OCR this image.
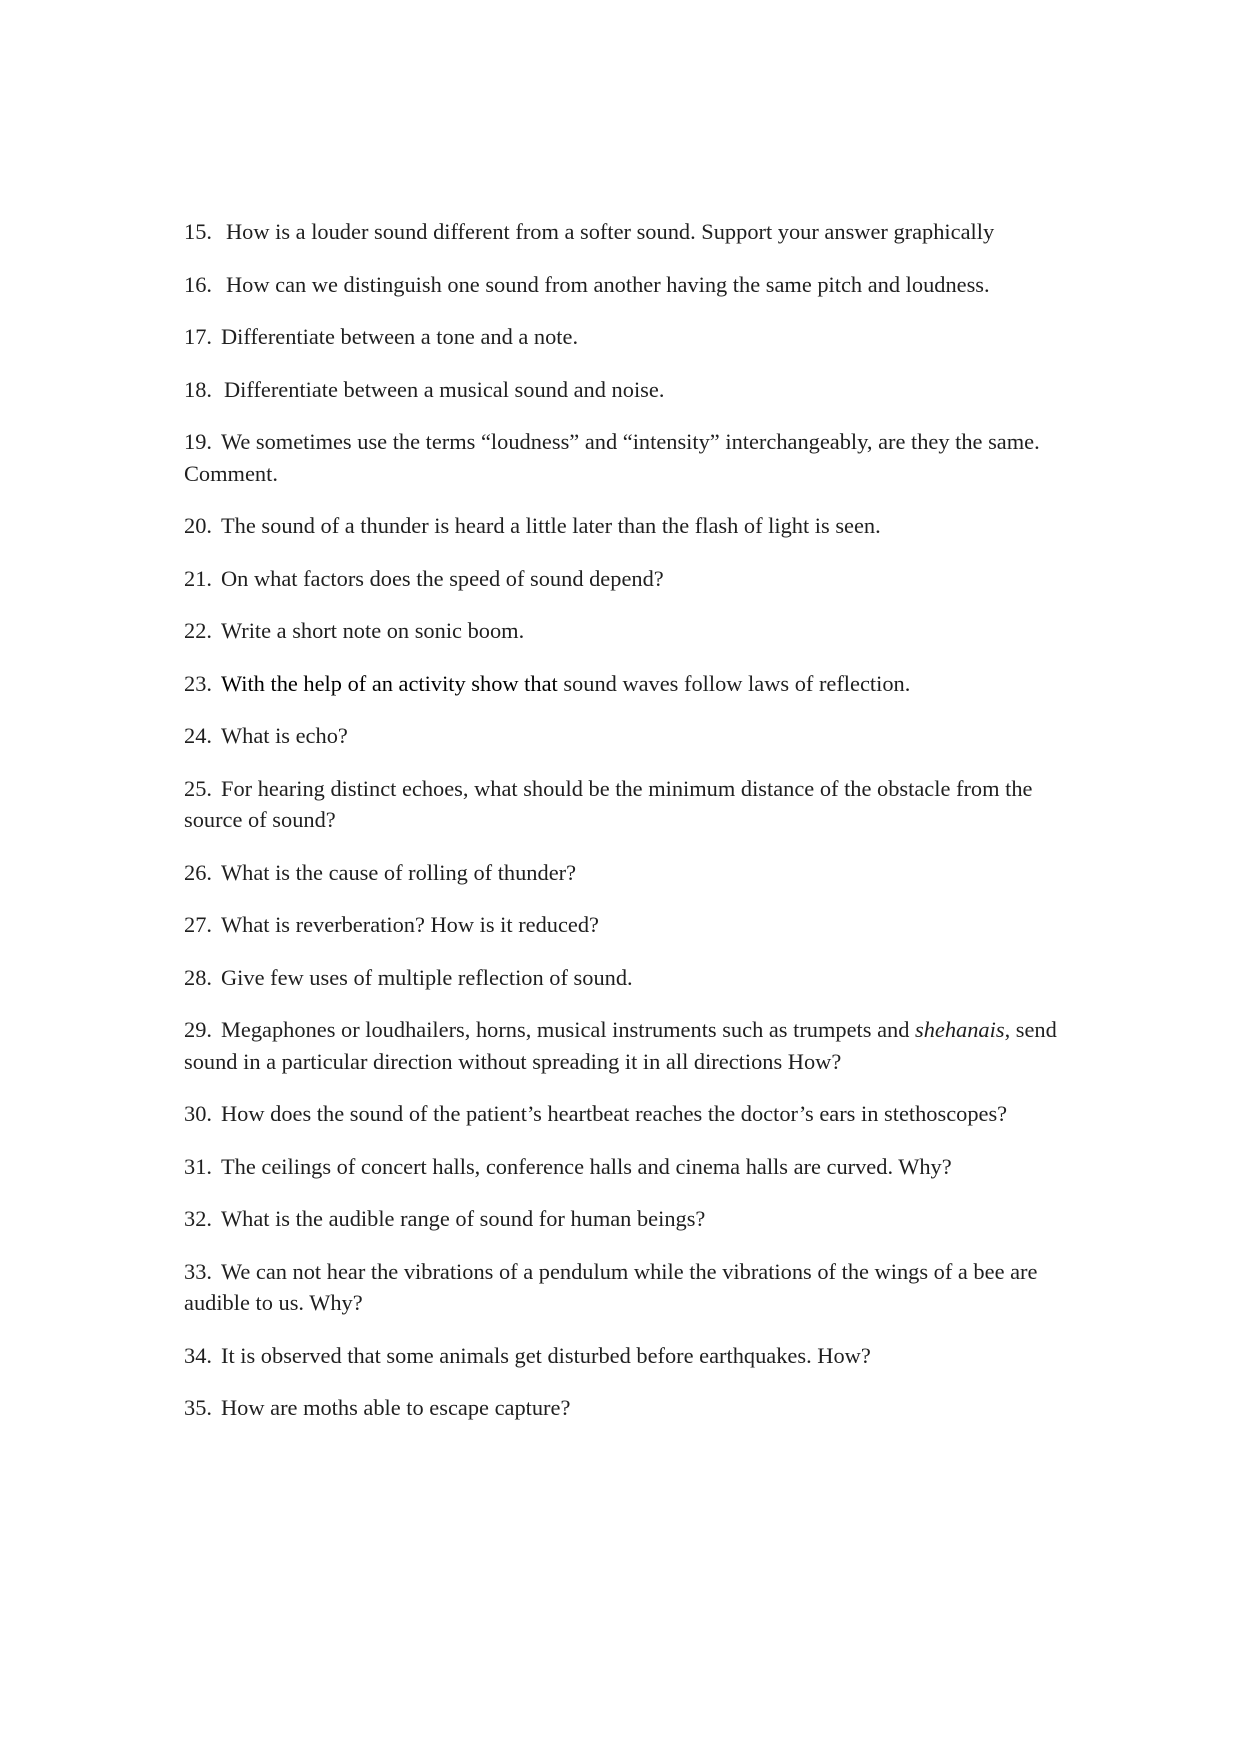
15. How is a louder sound different from a softer sound. Support your answer graphically

16. How can we distinguish one sound from another having the same pitch and loudness.

17. Differentiate between a tone and a note.

18. Differentiate between a musical sound and noise.

19. We sometimes use the terms “loudness” and “intensity” interchangeably, are they the same. Comment.

20. The sound of a thunder is heard a little later than the flash of light is seen.

21. On what factors does the speed of sound depend?

22. Write a short note on sonic boom.

23. With the help of an activity show that sound waves follow laws of reflection.

24. What is echo?

25. For hearing distinct echoes, what should be the minimum distance of the obstacle from the source of sound?

26. What is the cause of rolling of thunder?

27. What is reverberation? How is it reduced?

28. Give few uses of multiple reflection of sound.

29. Megaphones or loudhailers, horns, musical instruments such as trumpets and shehanais, send sound in a particular direction without spreading it in all directions How?

30. How does the sound of the patient’s heartbeat reaches the doctor’s ears in stethoscopes?

31. The ceilings of concert halls, conference halls and cinema halls are curved. Why?

32. What is the audible range of sound for human beings?

33. We can not hear the vibrations of a pendulum while the vibrations of the wings of a bee are audible to us. Why?

34. It is observed that some animals get disturbed before earthquakes. How?

35. How are moths able to escape capture?
